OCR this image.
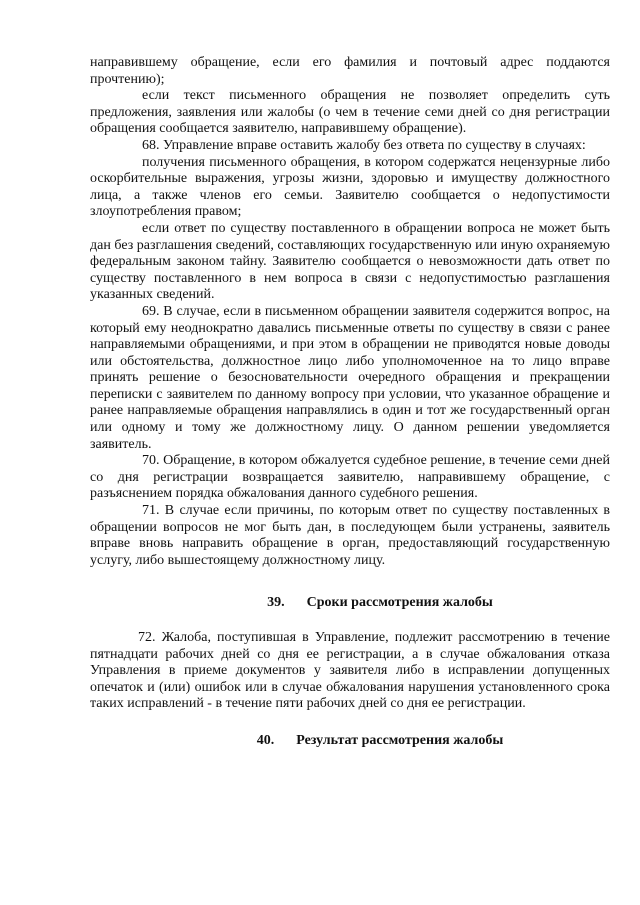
направившему обращение, если его фамилия и почтовый адрес поддаются прочтению);

если текст письменного обращения не позволяет определить суть предложения, заявления или жалобы (о чем в течение семи дней со дня регистрации обращения сообщается заявителю, направившему обращение).

68. Управление вправе оставить жалобу без ответа по существу в случаях:

получения письменного обращения, в котором содержатся нецензурные либо оскорбительные выражения, угрозы жизни, здоровью и имуществу должностного лица, а также членов его семьи. Заявителю сообщается о недопустимости злоупотребления правом;

если ответ по существу поставленного в обращении вопроса не может быть дан без разглашения сведений, составляющих государственную или иную охраняемую федеральным законом тайну. Заявителю сообщается о невозможности дать ответ по существу поставленного в нем вопроса в связи с недопустимостью разглашения указанных сведений.

69. В случае, если в письменном обращении заявителя содержится вопрос, на который ему неоднократно давались письменные ответы по существу в связи с ранее направляемыми обращениями, и при этом в обращении не приводятся новые доводы или обстоятельства, должностное лицо либо уполномоченное на то лицо вправе принять решение о безосновательности очередного обращения и прекращении переписки с заявителем по данному вопросу при условии, что указанное обращение и ранее направляемые обращения направлялись в один и тот же государственный орган или одному и тому же должностному лицу. О данном решении уведомляется заявитель.

70. Обращение, в котором обжалуется судебное решение, в течение семи дней со дня регистрации возвращается заявителю, направившему обращение, с разъяснением порядка обжалования данного судебного решения.

71. В случае если причины, по которым ответ по существу поставленных в обращении вопросов не мог быть дан, в последующем были устранены, заявитель вправе вновь направить обращение в орган, предоставляющий государственную услугу, либо вышестоящему должностному лицу.

39. Сроки рассмотрения жалобы

72. Жалоба, поступившая в Управление, подлежит рассмотрению в течение пятнадцати рабочих дней со дня ее регистрации, а в случае обжалования отказа Управления в приеме документов у заявителя либо в исправлении допущенных опечаток и (или) ошибок или в случае обжалования нарушения установленного срока таких исправлений - в течение пяти рабочих дней со дня ее регистрации.

40. Результат рассмотрения жалобы
